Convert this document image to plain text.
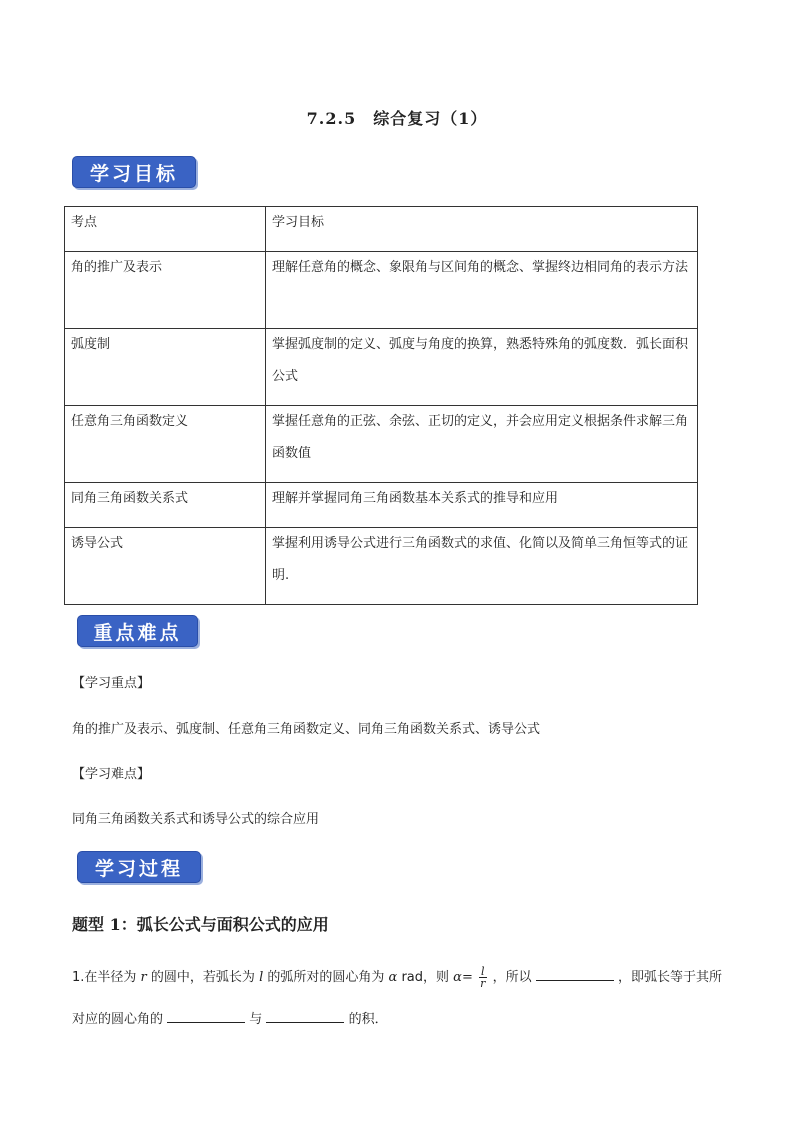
7.2.5　综合复习（1）
学习目标
考点	学习目标
角的推广及表示	理解任意角的概念、象限角与区间角的概念、掌握终边相同角的表示方法
弧度制	掌握弧度制的定义、弧度与角度的换算，熟悉特殊角的弧度数．弧长面积公式
任意角三角函数定义	掌握任意角的正弦、余弦、正切的定义，并会应用定义根据条件求解三角函数值
同角三角函数关系式	理解并掌握同角三角函数基本关系式的推导和应用
诱导公式	掌握利用诱导公式进行三角函数式的求值、化简以及简单三角恒等式的证明.
重点难点
【学习重点】
角的推广及表示、弧度制、任意角三角函数定义、同角三角函数关系式、诱导公式
【学习难点】
同角三角函数关系式和诱导公式的综合应用
学习过程
题型 1：弧长公式与面积公式的应用
1.在半径为 r 的圆中，若弧长为 l 的弧所对的圆心角为 α rad，则 $\alpha= \frac{l}{r}$ ，所以	，即弧长等于其所
对应的圆心角的	与	的积．
